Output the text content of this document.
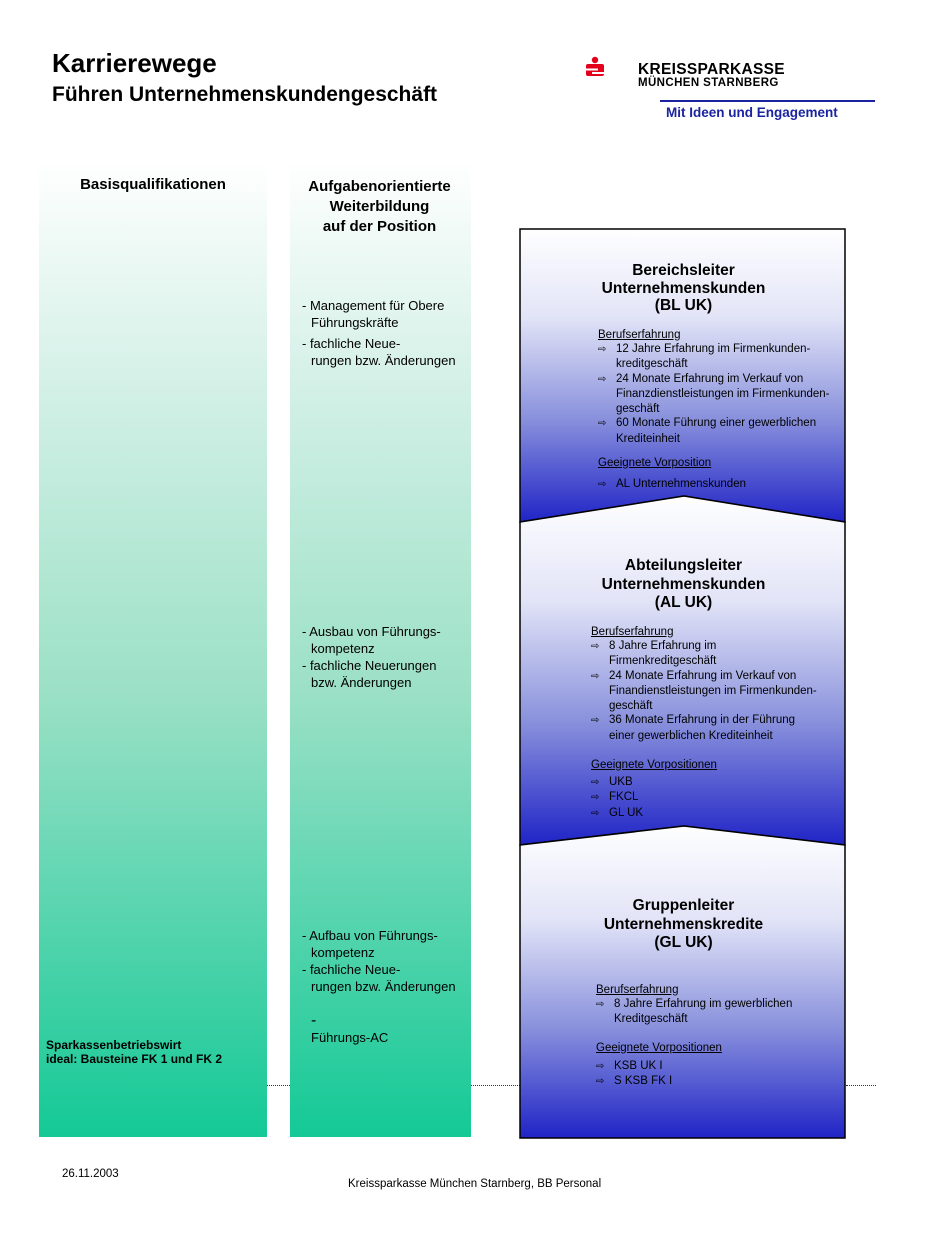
Karrierewege
Führen Unternehmenskundengeschäft
KREISSPARKASSE
MÜNCHEN STARNBERG
Mit Ideen und Engagement
Basisqualifikationen	Aufgabenorientierte
Weiterbildung
auf der Position
- Management für Obere
Führungskräfte
- fachliche Neue-
rungen bzw. Änderungen
- Ausbau von Führungs-
kompetenz
- fachliche Neuerungen
bzw. Änderungen
- Aufbau von Führungs-
kompetenz
- fachliche Neue-
rungen bzw. Änderungen

-
Führungs-AC

Sparkassenbetriebswirt
ideal: Bausteine FK 1 und FK 2
Bereichsleiter
Unternehmenskunden
(BL UK)
Berufserfahrung
⇨ 12 Jahre Erfahrung im Firmenkunden-
kreditgeschäft
⇨ 24 Monate Erfahrung im Verkauf von
Finanzdienstleistungen im Firmenkunden-
geschäft
⇨ 60 Monate Führung einer gewerblichen
Krediteinheit
Geeignete Vorposition
⇨ AL Unternehmenskunden
Abteilungsleiter
Unternehmenskunden
(AL UK)
Berufserfahrung
⇨ 8 Jahre Erfahrung im
Firmenkreditgeschäft
⇨ 24 Monate Erfahrung im Verkauf von
Finandienstleistungen im Firmenkunden-
geschäft
⇨ 36 Monate Erfahrung in der Führung
einer gewerblichen Krediteinheit
Geeignete Vorpositionen
⇨ UKB
⇨ FKCL
⇨ GL UK
Gruppenleiter
Unternehmenskredite
(GL UK)
Berufserfahrung
⇨ 8 Jahre Erfahrung im gewerblichen
Kreditgeschäft
Geeignete Vorpositionen
⇨ KSB UK I
⇨ S KSB FK I
26.11.2003
Kreissparkasse München Starnberg, BB Personal
